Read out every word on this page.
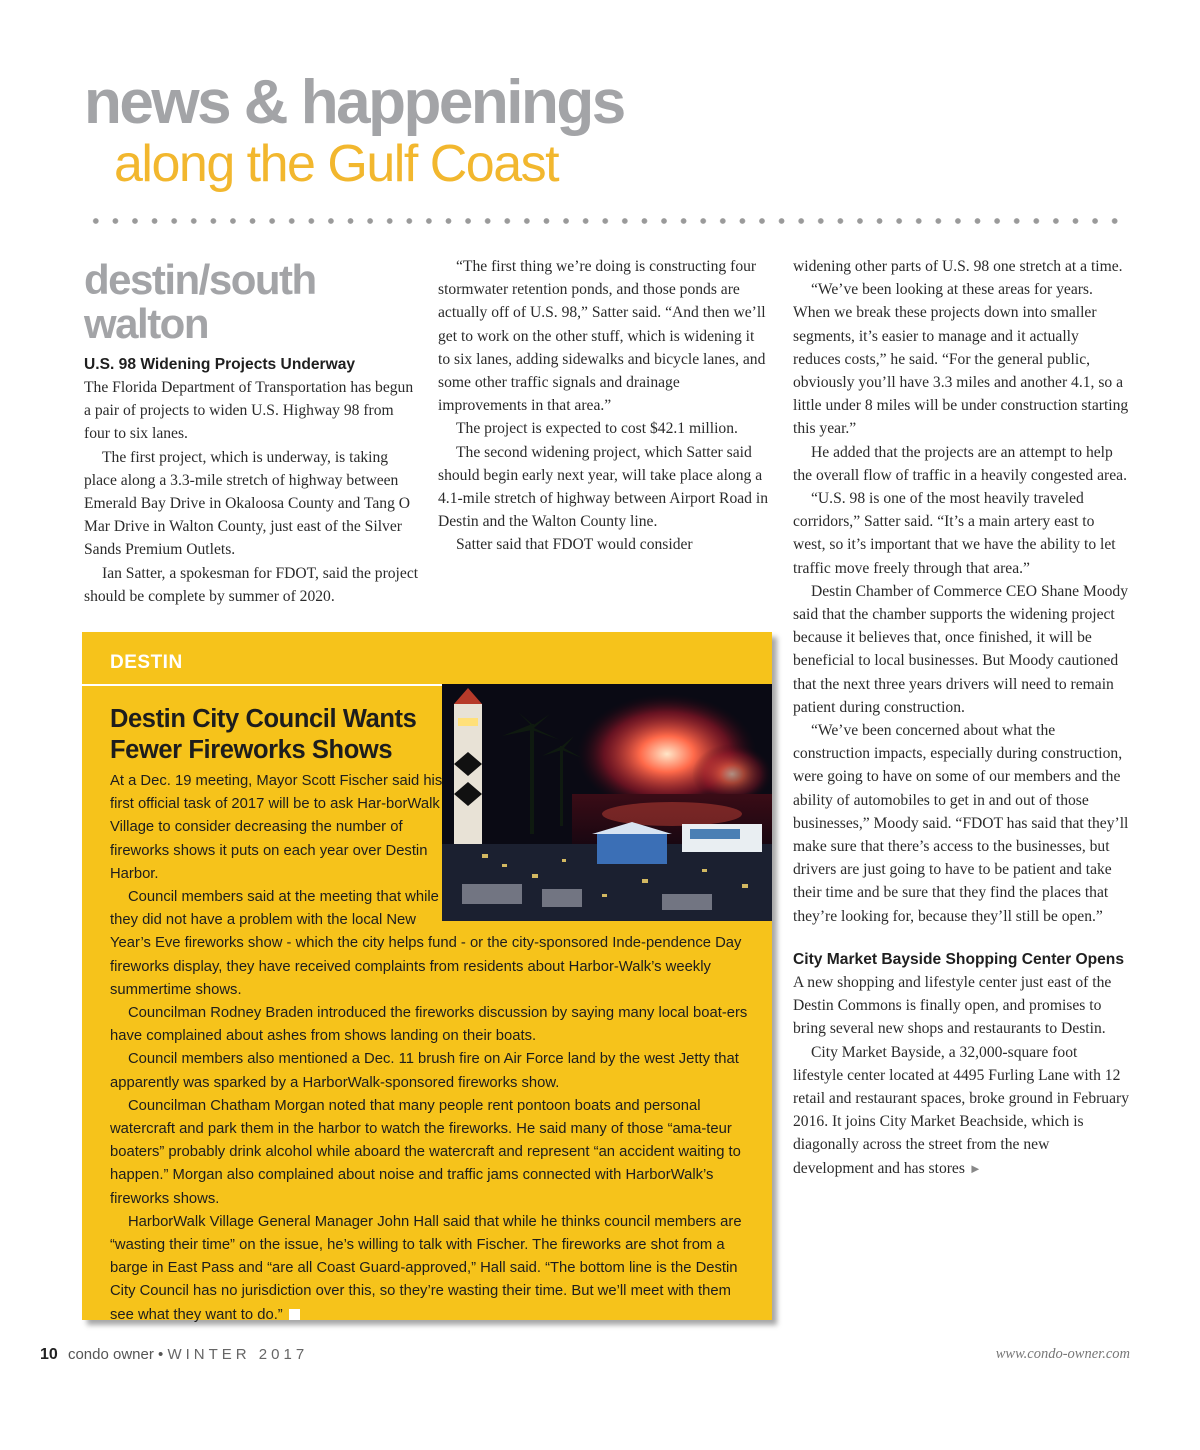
news & happenings
along the Gulf Coast
destin/south walton
U.S. 98 Widening Projects Underway

The Florida Department of Transportation has begun a pair of projects to widen U.S. Highway 98 from four to six lanes.

The first project, which is underway, is taking place along a 3.3-mile stretch of highway between Emerald Bay Drive in Okaloosa County and Tang O Mar Drive in Walton County, just east of the Silver Sands Premium Outlets.

Ian Satter, a spokesman for FDOT, said the project should be complete by summer of 2020.

“The first thing we’re doing is constructing four stormwater retention ponds, and those ponds are actually off of U.S. 98,” Satter said. “And then we’ll get to work on the other stuff, which is widening it to six lanes, adding sidewalks and bicycle lanes, and some other traffic signals and drainage improvements in that area.”

The project is expected to cost $42.1 million.

The second widening project, which Satter said should begin early next year, will take place along a 4.1-mile stretch of highway between Airport Road in Destin and the Walton County line.

Satter said that FDOT would consider

widening other parts of U.S. 98 one stretch at a time.

“We’ve been looking at these areas for years. When we break these projects down into smaller segments, it’s easier to manage and it actually reduces costs,” he said. “For the general public, obviously you’ll have 3.3 miles and another 4.1, so a little under 8 miles will be under construction starting this year.”

He added that the projects are an attempt to help the overall flow of traffic in a heavily congested area.

“U.S. 98 is one of the most heavily traveled corridors,” Satter said. “It’s a main artery east to west, so it’s important that we have the ability to let traffic move freely through that area.”

Destin Chamber of Commerce CEO Shane Moody said that the chamber supports the widening project because it believes that, once finished, it will be beneficial to local businesses. But Moody cautioned that the next three years drivers will need to remain patient during construction.

“We’ve been concerned about what the construction impacts, especially during construction, were going to have on some of our members and the ability of automobiles to get in and out of those businesses,” Moody said. “FDOT has said that they’ll make sure that there’s access to the businesses, but drivers are just going to have to be patient and take their time and be sure that they find the places that they’re looking for, because they’ll still be open.”

City Market Bayside Shopping Center Opens

A new shopping and lifestyle center just east of the Destin Commons is finally open, and promises to bring several new shops and restaurants to Destin.

City Market Bayside, a 32,000-square foot lifestyle center located at 4495 Furling Lane with 12 retail and restaurant spaces, broke ground in February 2016. It joins City Market Beachside, which is diagonally across the street from the new development and has stores ►

DESTIN
Destin City Council Wants Fewer Fireworks Shows

At a Dec. 19 meeting, Mayor Scott Fischer said his first official task of 2017 will be to ask Har-borWalk Village to consider decreasing the number of fireworks shows it puts on each year over Destin Harbor.

Council members said at the meeting that while they did not have a problem with the local New Year’s Eve fireworks show - which the city helps fund - or the city-sponsored Inde-pendence Day fireworks display, they have received complaints from residents about Harbor-Walk’s weekly summertime shows.

Councilman Rodney Braden introduced the fireworks discussion by saying many local boat-ers have complained about ashes from shows landing on their boats.

Council members also mentioned a Dec. 11 brush fire on Air Force land by the west Jetty that apparently was sparked by a HarborWalk-sponsored fireworks show.

Councilman Chatham Morgan noted that many people rent pontoon boats and personal watercraft and park them in the harbor to watch the fireworks. He said many of those “ama-teur boaters” probably drink alcohol while aboard the watercraft and represent “an accident waiting to happen.” Morgan also complained about noise and traffic jams connected with HarborWalk’s fireworks shows.

HarborWalk Village General Manager John Hall said that while he thinks council members are “wasting their time” on the issue, he’s willing to talk with Fischer. The fireworks are shot from a barge in East Pass and “are all Coast Guard-approved,” Hall said. “The bottom line is the Destin City Council has no jurisdiction over this, so they’re wasting their time. But we’ll meet with them see what they want to do.”

10 condo owner • WINTER 2017	www.condo-owner.com
